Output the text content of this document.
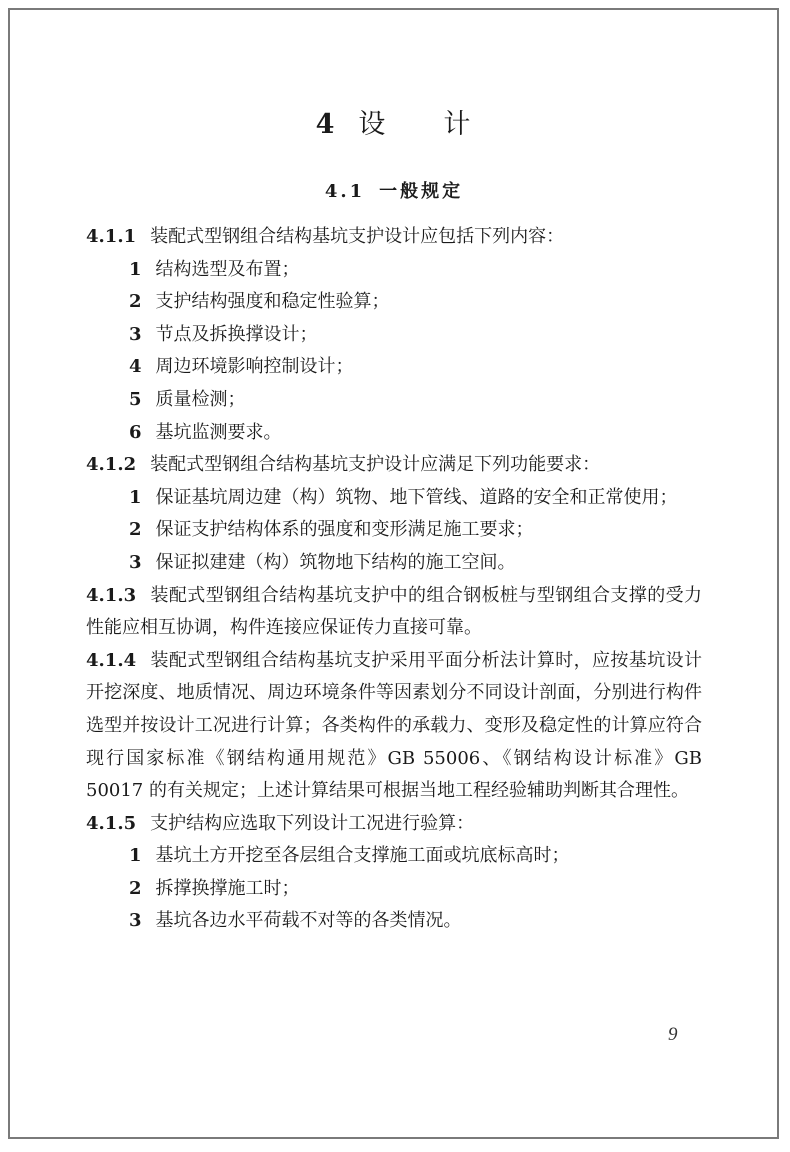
4 设 计
4.1 一般规定

4.1.1 装配式型钢组合结构基坑支护设计应包括下列内容：

1 结构选型及布置；

2 支护结构强度和稳定性验算；

3 节点及拆换撑设计；

4 周边环境影响控制设计；

5 质量检测；

6 基坑监测要求。

4.1.2 装配式型钢组合结构基坑支护设计应满足下列功能要求：

1 保证基坑周边建（构）筑物、地下管线、道路的安全和正常使用；

2 保证支护结构体系的强度和变形满足施工要求；

3 保证拟建建（构）筑物地下结构的施工空间。

4.1.3 装配式型钢组合结构基坑支护中的组合钢板桩与型钢组合支撑的受力性能应相互协调，构件连接应保证传力直接可靠。

4.1.4 装配式型钢组合结构基坑支护采用平面分析法计算时，应按基坑设计开挖深度、地质情况、周边环境条件等因素划分不同设计剖面，分别进行构件选型并按设计工况进行计算；各类构件的承载力、变形及稳定性的计算应符合现行国家标准《钢结构通用规范》GB 55006、《钢结构设计标准》GB 50017 的有关规定；上述计算结果可根据当地工程经验辅助判断其合理性。

4.1.5 支护结构应选取下列设计工况进行验算：

1 基坑土方开挖至各层组合支撑施工面或坑底标高时；

2 拆撑换撑施工时；

3 基坑各边水平荷载不对等的各类情况。

9
